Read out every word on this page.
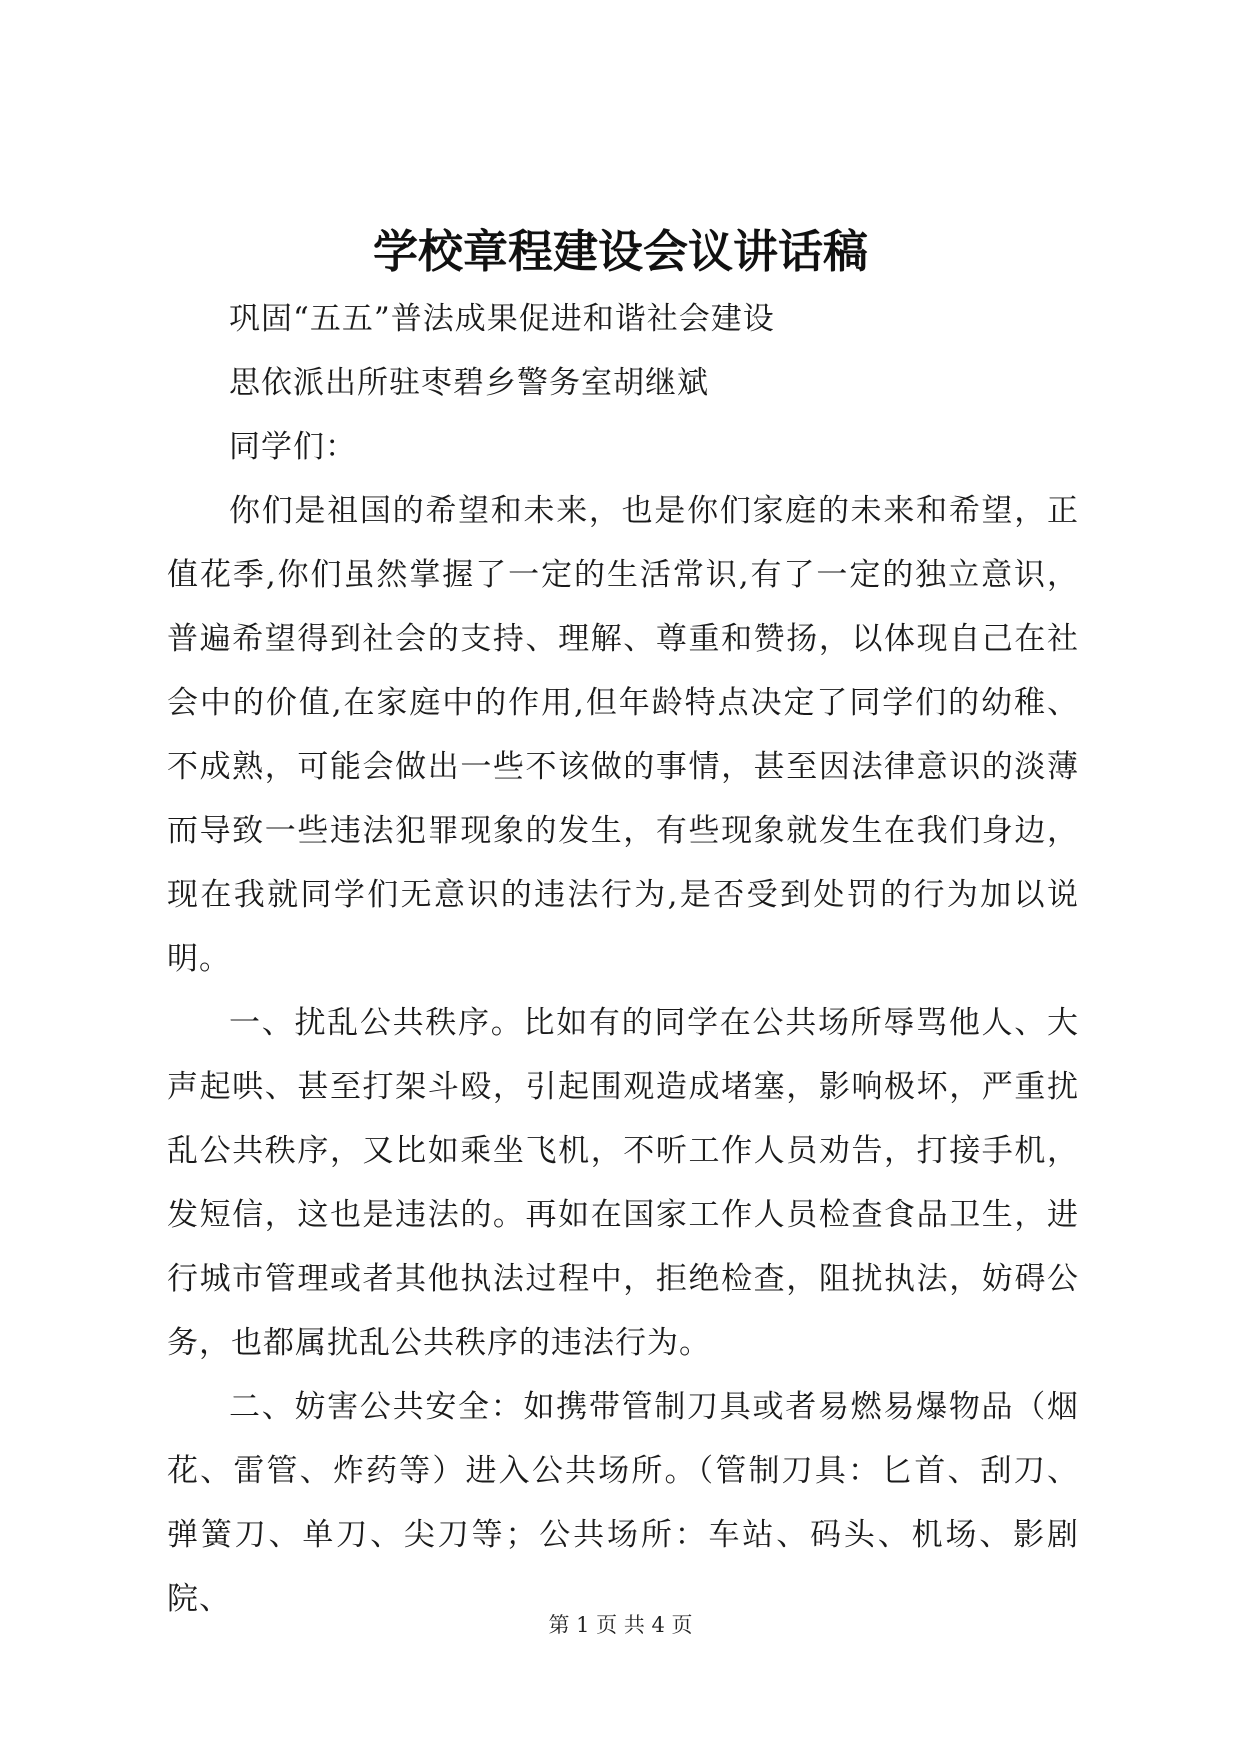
学校章程建设会议讲话稿

巩固“五五”普法成果促进和谐社会建设

思依派出所驻枣碧乡警务室胡继斌

同学们：

你们是祖国的希望和未来，也是你们家庭的未来和希望，正值花季,你们虽然掌握了一定的生活常识,有了一定的独立意识，普遍希望得到社会的支持、理解、尊重和赞扬，以体现自己在社会中的价值,在家庭中的作用,但年龄特点决定了同学们的幼稚、不成熟，可能会做出一些不该做的事情，甚至因法律意识的淡薄而导致一些违法犯罪现象的发生，有些现象就发生在我们身边，现在我就同学们无意识的违法行为,是否受到处罚的行为加以说明。

一、扰乱公共秩序。比如有的同学在公共场所辱骂他人、大声起哄、甚至打架斗殴，引起围观造成堵塞，影响极坏，严重扰乱公共秩序，又比如乘坐飞机，不听工作人员劝告，打接手机，发短信，这也是违法的。再如在国家工作人员检查食品卫生，进行城市管理或者其他执法过程中，拒绝检查，阻扰执法，妨碍公务，也都属扰乱公共秩序的违法行为。

二、妨害公共安全：如携带管制刀具或者易燃易爆物品（烟花、雷管、炸药等）进入公共场所。（管制刀具：匕首、刮刀、弹簧刀、单刀、尖刀等；公共场所：车站、码头、机场、影剧院、

第 1 页 共 4 页
